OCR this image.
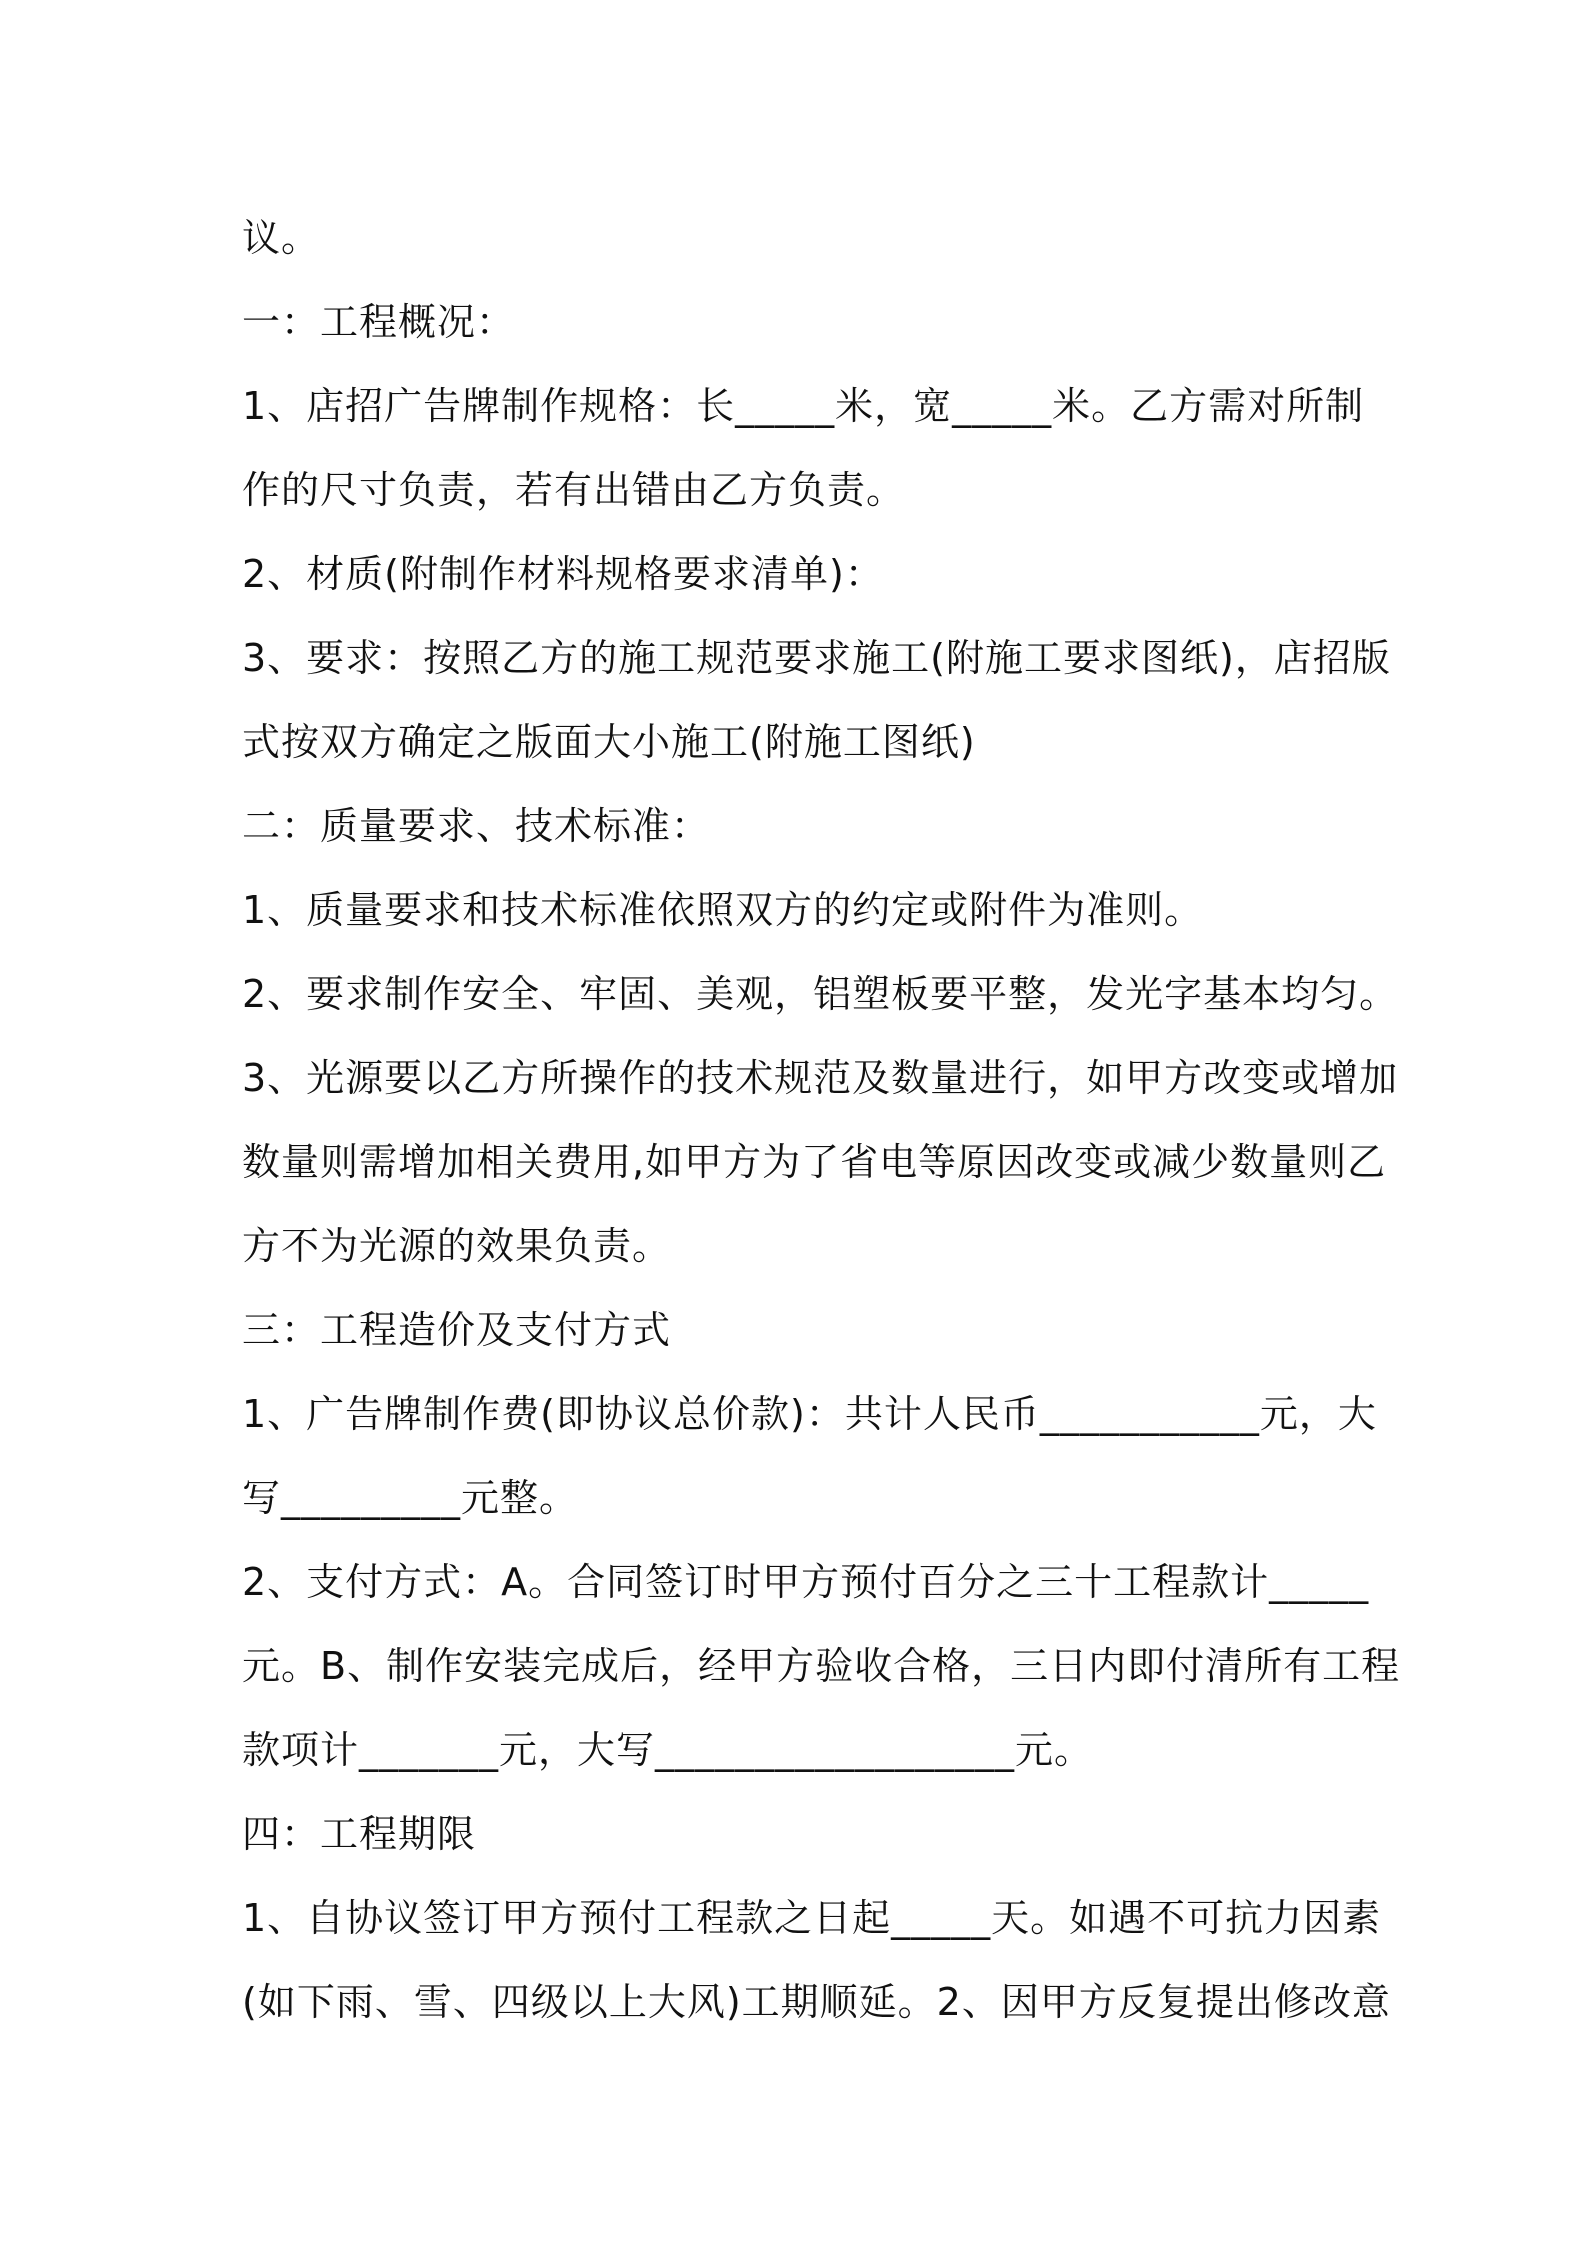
议。
一：工程概况：
1、店招广告牌制作规格：长_____米，宽_____米。乙方需对所制
作的尺寸负责，若有出错由乙方负责。
2、材质(附制作材料规格要求清单)：
3、要求：按照乙方的施工规范要求施工(附施工要求图纸)，店招版
式按双方确定之版面大小施工(附施工图纸)
二：质量要求、技术标准：
1、质量要求和技术标准依照双方的约定或附件为准则。
2、要求制作安全、牢固、美观，铝塑板要平整，发光字基本均匀。
3、光源要以乙方所操作的技术规范及数量进行，如甲方改变或增加
数量则需增加相关费用,如甲方为了省电等原因改变或减少数量则乙
方不为光源的效果负责。
三：工程造价及支付方式
1、广告牌制作费(即协议总价款)：共计人民币___________元，大
写_________元整。
2、支付方式：A。合同签订时甲方预付百分之三十工程款计_____
元。B、制作安装完成后，经甲方验收合格，三日内即付清所有工程
款项计_______元，大写__________________元。
四：工程期限
1、自协议签订甲方预付工程款之日起_____天。如遇不可抗力因素
(如下雨、雪、四级以上大风)工期顺延。2、因甲方反复提出修改意
